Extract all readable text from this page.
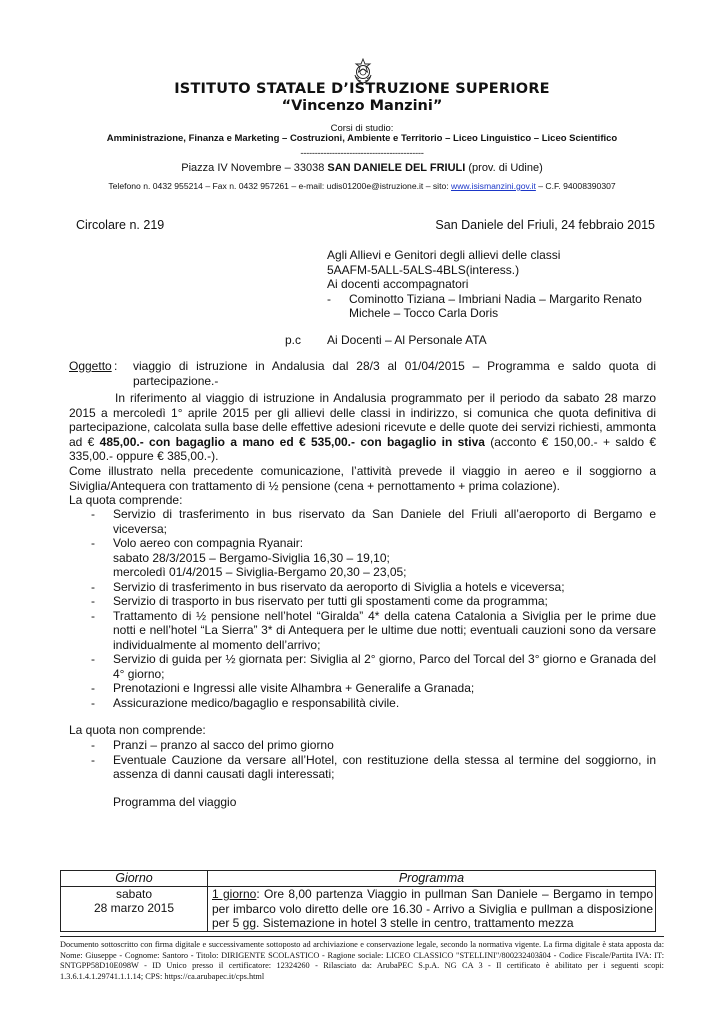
ISTITUTO STATALE D’ISTRUZIONE SUPERIORE
“Vincenzo Manzini”
Corsi di studio:
Amministrazione, Finanza e Marketing – Costruzioni, Ambiente e Territorio – Liceo Linguistico – Liceo Scientifico
-------------------------------------------
Piazza IV Novembre – 33038 SAN DANIELE DEL FRIULI (prov. di Udine)
Telefono n. 0432 955214 – Fax n. 0432 957261 – e-mail: udis01200e@istruzione.it – sito: www.isismanzini.gov.it – C.F. 94008390307
Circolare n. 219	San Daniele del Friuli, 24 febbraio 2015
Agli Allievi e Genitori degli allievi delle classi
5AAFM-5ALL-5ALS-4BLS(interess.)
Ai docenti accompagnatori
- Cominotto Tiziana – Imbriani Nadia – Margarito Renato
Michele – Tocco Carla Doris
p.c Ai Docenti – Al Personale ATA
Oggetto : viaggio di istruzione in Andalusia dal 28/3 al 01/04/2015 – Programma e saldo quota di partecipazione.-
In riferimento al viaggio di istruzione in Andalusia programmato per il periodo da sabato 28 marzo 2015 a mercoledì 1° aprile 2015 per gli allievi delle classi in indirizzo, si comunica che quota definitiva di partecipazione, calcolata sulla base delle effettive adesioni ricevute e delle quote dei servizi richiesti, ammonta ad € 485,00.- con bagaglio a mano ed € 535,00.- con bagaglio in stiva (acconto € 150,00.- + saldo € 335,00.- oppure € 385,00.-).
Come illustrato nella precedente comunicazione, l’attività prevede il viaggio in aereo e il soggiorno a Siviglia/Antequera con trattamento di ½ pensione (cena + pernottamento + prima colazione).
La quota comprende:
- Servizio di trasferimento in bus riservato da San Daniele del Friuli all’aeroporto di Bergamo e viceversa;
- Volo aereo con compagnia Ryanair:
sabato 28/3/2015 – Bergamo-Siviglia 16,30 – 19,10;
mercoledì 01/4/2015 – Siviglia-Bergamo 20,30 – 23,05;
- Servizio di trasferimento in bus riservato da aeroporto di Siviglia a hotels e viceversa;
- Servizio di trasporto in bus riservato per tutti gli spostamenti come da programma;
- Trattamento di ½ pensione nell’hotel “Giralda” 4* della catena Catalonia a Siviglia per le prime due notti e nell’hotel “La Sierra” 3* di Antequera per le ultime due notti; eventuali cauzioni sono da versare individualmente al momento dell’arrivo;
- Servizio di guida per ½ giornata per: Siviglia al 2° giorno, Parco del Torcal del 3° giorno e Granada del 4° giorno;
- Prenotazioni e Ingressi alle visite Alhambra + Generalife a Granada;
- Assicurazione medico/bagaglio e responsabilità civile.
La quota non comprende:
- Pranzi – pranzo al sacco del primo giorno
- Eventuale Cauzione da versare all’Hotel, con restituzione della stessa al termine del soggiorno, in assenza di danni causati dagli interessati;
Programma del viaggio
Giorno	Programma

sabato
28 marzo 2015	1 giorno: Ore 8,00 partenza Viaggio in pullman San Daniele – Bergamo in tempo per imbarco volo diretto delle ore 16.30 - Arrivo a Siviglia e pullman a disposizione per 5 gg. Sistemazione in hotel 3 stelle in centro, trattamento mezza
Documento sottoscritto con firma digitale e successivamente sottoposto ad archiviazione e conservazione legale, secondo la normativa vigente. La firma digitale è stata apposta da: Nome: Giuseppe - Cognome: Santoro - Titolo: DIRIGENTE SCOLASTICO - Ragione sociale: LICEO CLASSICO "STELLINI"/800232403â04 - Codice Fiscale/Partita IVA: IT: SNTGPP58D10E098W - ID Unico presso il certificatore: 12324260 - Rilasciato da: ArubaPEC S.p.A. NG CA 3 - Il certificato è abilitato per i seguenti scopi: 1.3.6.1.4.1.29741.1.1.14; CPS: https://ca.arubapec.it/cps.html
